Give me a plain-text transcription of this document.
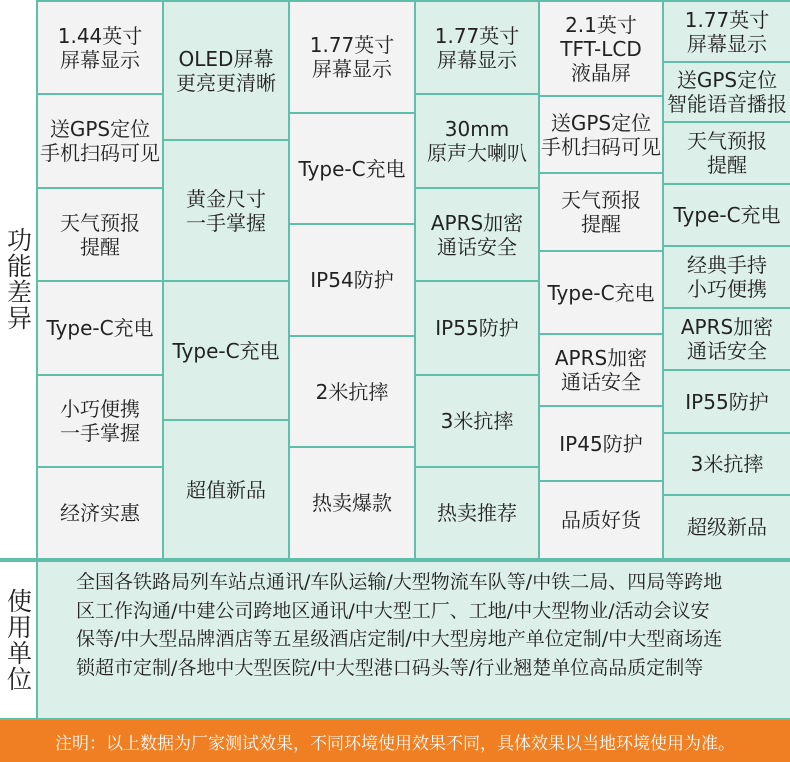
功能差异
使用单位
1.44英寸
屏幕显示
送GPS定位
手机扫码可见
天气预报
提醒
Type-C充电
小巧便携
一手掌握
经济实惠
OLED屏幕
更亮更清晰
黄金尺寸
一手掌握
Type-C充电
超值新品
1.77英寸
屏幕显示
Type-C充电
IP54防护
2米抗摔
热卖爆款
1.77英寸
屏幕显示
30mm
原声大喇叭
APRS加密
通话安全
IP55防护
3米抗摔
热卖推荐
2.1英寸
TFT-LCD
液晶屏
送GPS定位
手机扫码可见
天气预报
提醒
Type-C充电
APRS加密
通话安全
IP45防护
品质好货
1.77英寸
屏幕显示
送GPS定位
智能语音播报
天气预报
提醒
Type-C充电
经典手持
小巧便携
APRS加密
通话安全
IP55防护
3米抗摔
超级新品
全国各铁路局列车站点通讯/车队运输/大型物流车队等/中铁二局、四局等跨地区工作沟通/中建公司跨地区通讯/中大型工厂、工地/中大型物业/活动会议安保等/中大型品牌酒店等五星级酒店定制/中大型房地产单位定制/中大型商场连锁超市定制/各地中大型医院/中大型港口码头等/行业翘楚单位高品质定制等
注明：以上数据为厂家测试效果，不同环境使用效果不同，具体效果以当地环境使用为准。
